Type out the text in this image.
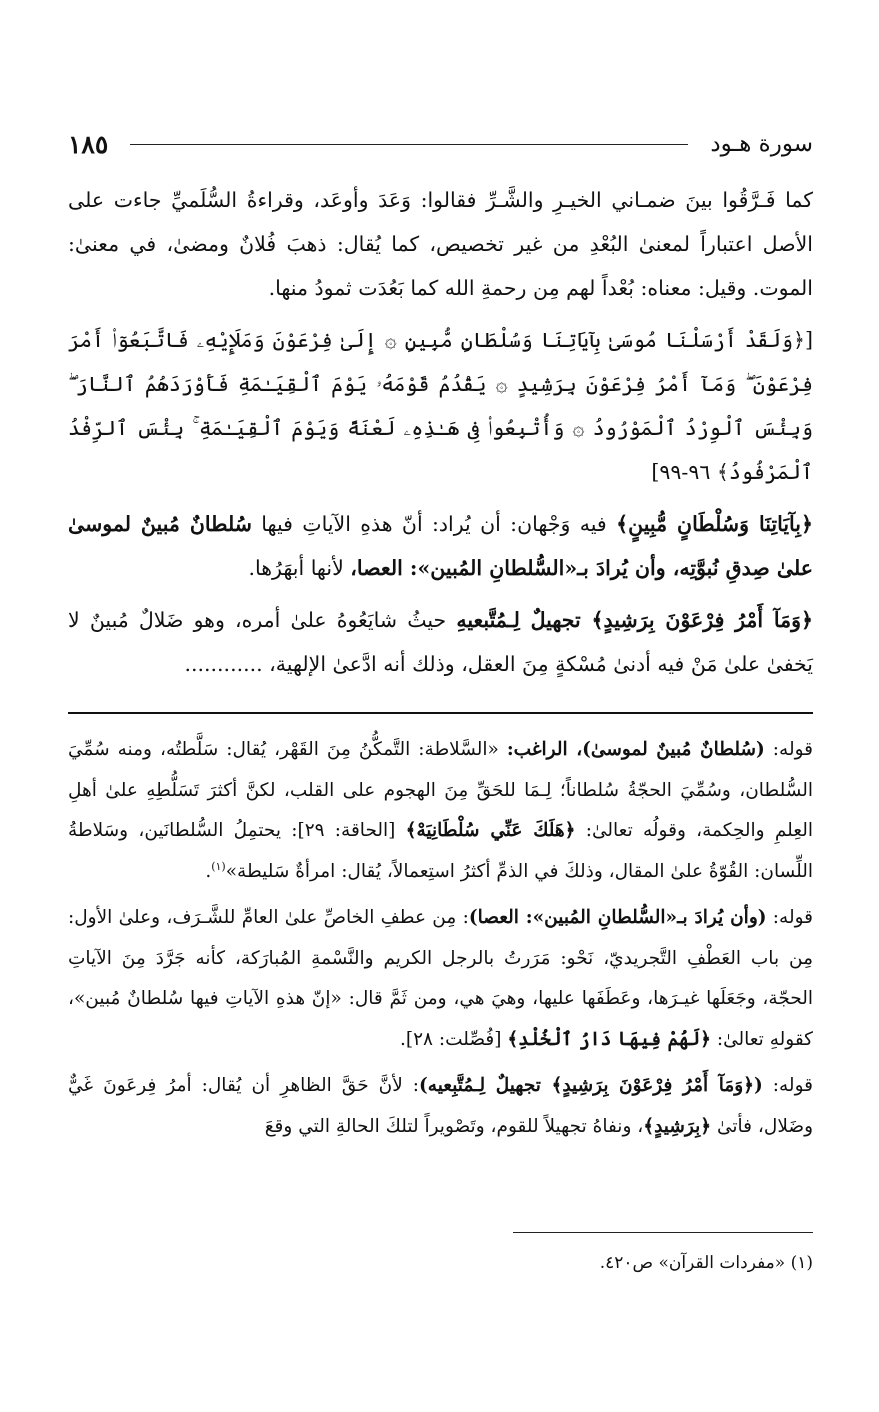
سورة هـود
١٨٥

كما فَـرَّقُوا بينَ ضمـاني الخيـرِ والشَّـرِّ فقالوا: وَعَدَ وأوعَد، وقراءةُ السُّلَميِّ جاءت على الأصل اعتباراً لمعنىٰ البُعْدِ من غير تخصيص، كما يُقال: ذهبَ فُلانٌ ومضىٰ، في معنىٰ: الموت. وقيل: معناه: بُعْداً لهم مِن رحمةِ الله كما بَعُدَت ثمودُ منها.

[﴿وَلَقَدْ أَرْسَلْنَا مُوسَىٰ بِآيَاتِنَا وَسُلْطَانٍ مُّبِينٍ ۞ إِلَىٰ فِرْعَوْنَ وَمَلَإِيْهِۦ فَاتَّبَعُوٓا۟ أَمْرَ فِرْعَوْنَ ۖ وَمَآ أَمْرُ فِرْعَوْنَ بِرَشِيدٍ ۞ يَقْدُمُ قَوْمَهُۥ يَوْمَ ٱلْقِيَـٰمَةِ فَأَوْرَدَهُمُ ٱلنَّارَ ۖ وَبِئْسَ ٱلْوِرْدُ ٱلْمَوْرُودُ ۞ وَأُتْبِعُوا۟ فِى هَـٰذِهِۦ لَعْنَةً وَيَوْمَ ٱلْقِيَـٰمَةِ ۚ بِئْسَ ٱلرِّفْدُ ٱلْمَرْفُودُ﴾ ٩٦-٩٩]

﴿بِآيَاتِنَا وَسُلْطَانٍ مُّبِينٍ﴾ فيه وَجْهان: أن يُراد: أنّ هذهِ الآياتِ فيها سُلطانٌ مُبينٌ لموسىٰ علىٰ صِدقِ نُبوَّتِه، وأن يُرادَ بـ«السُّلطانِ المُبين»: العصا، لأنها أبهَرُها.

﴿وَمَآ أَمْرُ فِرْعَوْنَ بِرَشِيدٍ﴾ تجهيلٌ لِـمُتَّبعيهِ حيثُ شايَعُوهُ علىٰ أمره، وهو ضَلالٌ مُبينٌ لا يَخفىٰ علىٰ مَنْ فيه أدنىٰ مُسْكةٍ مِنَ العقل، وذلك أنه ادَّعىٰ الإلهية، ............

قوله: (سُلطانٌ مُبينٌ لموسىٰ)، الراغب: «السَّلاطة: التَّمكُّنُ مِنَ القَهْر، يُقال: سَلَّطتُه، ومنه سُمِّيَ السُّلطان، وسُمِّيَ الحجّةُ سُلطاناً؛ لِـمَا للحَقِّ مِنَ الهجوم على القلب، لكنَّ أكثرَ تَسَلُّطِهِ علىٰ أهلِ العِلمِ والحِكمة، وقولُه تعالىٰ: ﴿هَلَكَ عَنِّي سُلْطَانِيَهْ﴾ [الحاقة: ٢٩]: يحتمِلُ السُّلطانَين، وسَلاطةُ اللِّسان: القُوّةُ علىٰ المقال، وذلكَ في الذمِّ أكثرُ استِعمالاً، يُقال: امرأةٌ سَليطة»$^{(١)}$.

قوله: (وأن يُرادَ بـ«السُّلطانِ المُبين»: العصا): مِن عطفِ الخاصِّ علىٰ العامِّ للشَّـرَف، وعلىٰ الأول: مِن باب العَطْفِ التَّجريديّ، نَحْو: مَرَرتُ بالرجل الكريم والنَّسْمةِ المُبارَكة، كأنه جَرَّدَ مِنَ الآياتِ الحجّة، وجَعَلَها غيـرَها، وعَطَفَها عليها، وهيَ هي، ومن ثَمَّ قال: «إنّ هذهِ الآياتِ فيها سُلطانٌ مُبين»، كقولهِ تعالىٰ: ﴿لَهُمْ فِيهَا دَارُ ٱلْخُلْدِ﴾ [فُصِّلت: ٢٨].

قوله: (﴿وَمَآ أَمْرُ فِرْعَوْنَ بِرَشِيدٍ﴾ تجهيلٌ لِـمُتَّبِعيه): لأنَّ حَقَّ الظاهرِ أن يُقال: أمرُ فِرعَونَ غَيٌّ وضَلال، فأتىٰ ﴿بِرَشِيدٍ﴾، ونفاهُ تجهيلاً للقوم، وتَصْويراً لتلكَ الحالةِ التي وقعَ

(١) «مفردات القرآن» ص٤٢٠.
